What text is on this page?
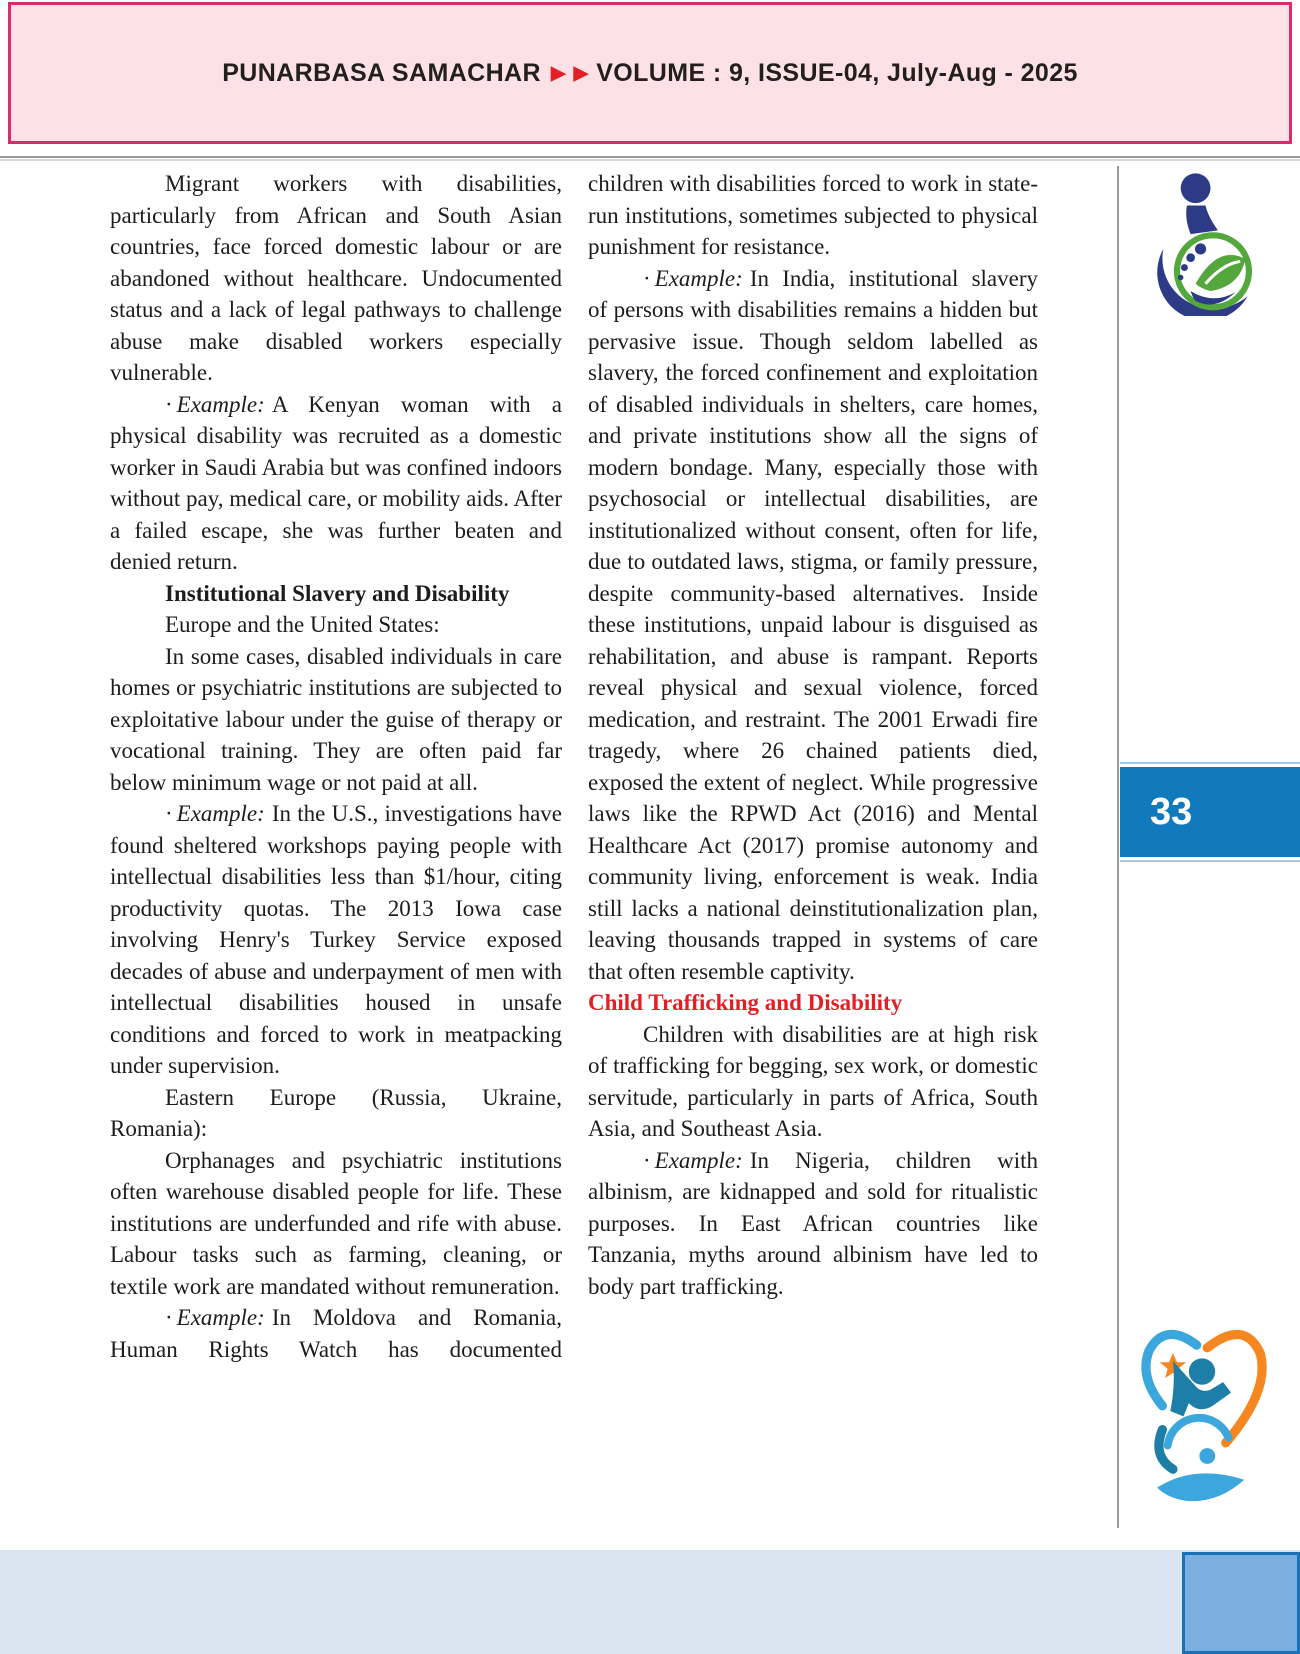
PUNARBASA SAMACHAR ▶ ▶ VOLUME : 9, ISSUE-04, July-Aug - 2025

Migrant workers with disabilities, particularly from African and South Asian countries, face forced domestic labour or are abandoned without healthcare. Undocumented status and a lack of legal pathways to challenge abuse make disabled workers especially vulnerable.

· Example: A Kenyan woman with a physical disability was recruited as a domestic worker in Saudi Arabia but was confined indoors without pay, medical care, or mobility aids. After a failed escape, she was further beaten and denied return.

Institutional Slavery and Disability

Europe and the United States:

In some cases, disabled individuals in care homes or psychiatric institutions are subjected to exploitative labour under the guise of therapy or vocational training. They are often paid far below minimum wage or not paid at all.

· Example: In the U.S., investigations have found sheltered workshops paying people with intellectual disabilities less than $1/hour, citing productivity quotas. The 2013 Iowa case involving Henry's Turkey Service exposed decades of abuse and underpayment of men with intellectual disabilities housed in unsafe conditions and forced to work in meatpacking under supervision.

Eastern Europe (Russia, Ukraine, Romania):

Orphanages and psychiatric institutions often warehouse disabled people for life. These institutions are underfunded and rife with abuse. Labour tasks such as farming, cleaning, or textile work are mandated without remuneration.

· Example: In Moldova and Romania, Human Rights Watch has documented

children with disabilities forced to work in state-run institutions, sometimes subjected to physical punishment for resistance.

· Example: In India, institutional slavery of persons with disabilities remains a hidden but pervasive issue. Though seldom labelled as slavery, the forced confinement and exploitation of disabled individuals in shelters, care homes, and private institutions show all the signs of modern bondage. Many, especially those with psychosocial or intellectual disabilities, are institutionalized without consent, often for life, due to outdated laws, stigma, or family pressure, despite community-based alternatives. Inside these institutions, unpaid labour is disguised as rehabilitation, and abuse is rampant. Reports reveal physical and sexual violence, forced medication, and restraint. The 2001 Erwadi fire tragedy, where 26 chained patients died, exposed the extent of neglect. While progressive laws like the RPWD Act (2016) and Mental Healthcare Act (2017) promise autonomy and community living, enforcement is weak. India still lacks a national deinstitutionalization plan, leaving thousands trapped in systems of care that often resemble captivity.

Child Trafficking and Disability

Children with disabilities are at high risk of trafficking for begging, sex work, or domestic servitude, particularly in parts of Africa, South Asia, and Southeast Asia.

· Example: In Nigeria, children with albinism, are kidnapped and sold for ritualistic purposes. In East African countries like Tanzania, myths around albinism have led to body part trafficking.

33
